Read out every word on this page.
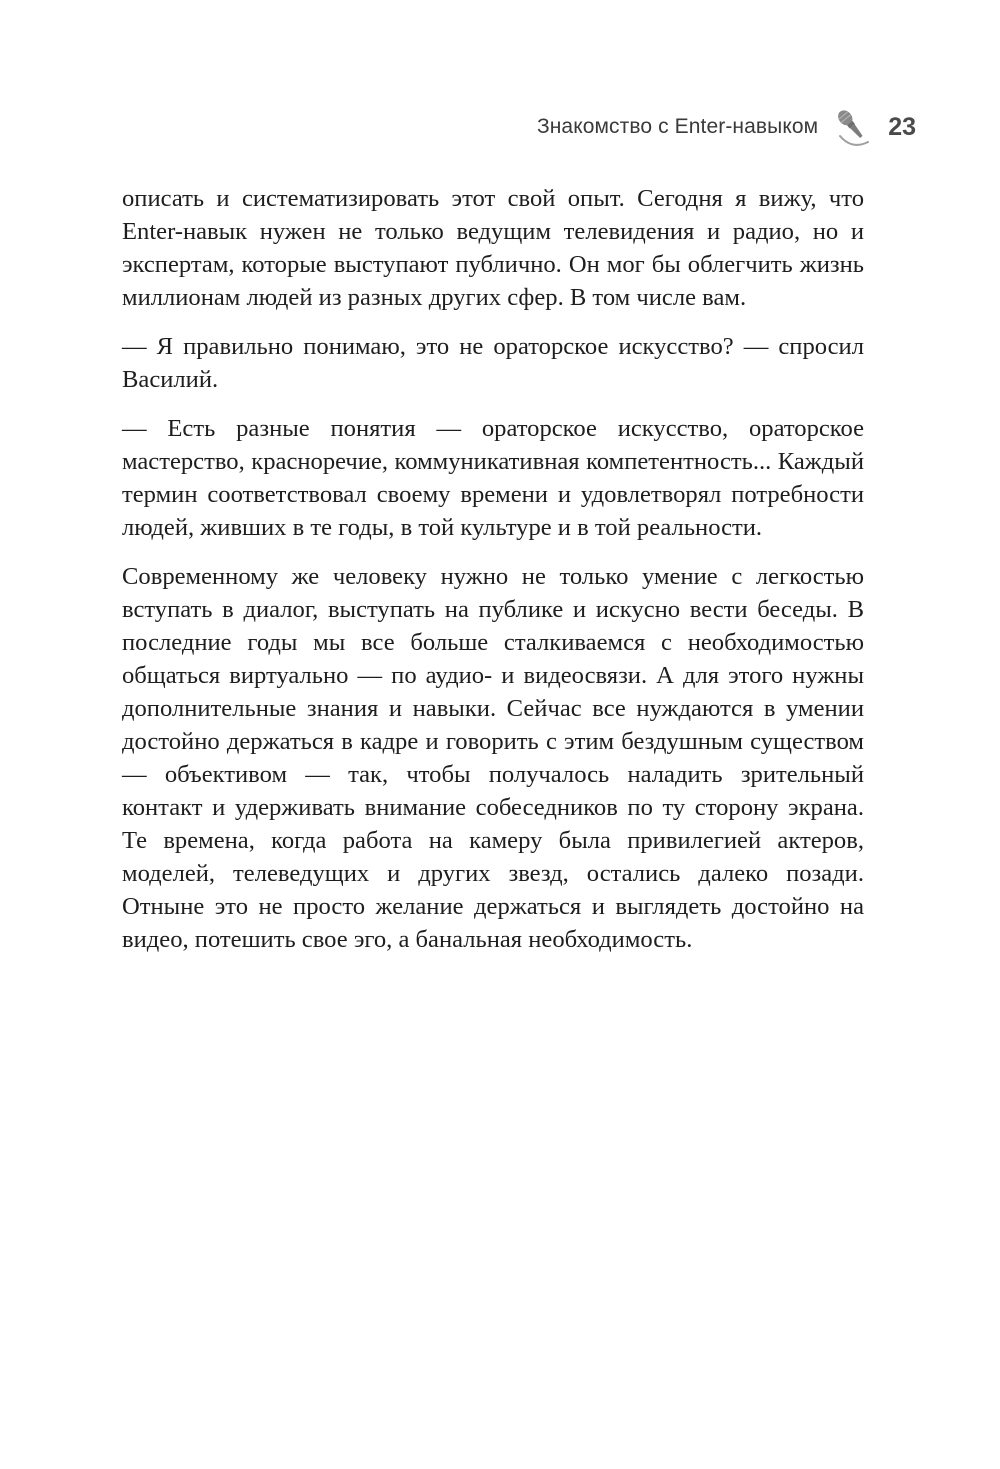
Знакомство с Enter-навыком	23

описать и систематизировать этот свой опыт. Сегодня я вижу, что Enter-навык нужен не только ведущим телевидения и радио, но и экспертам, которые выступают публично. Он мог бы облегчить жизнь миллионам людей из разных других сфер. В том числе вам.

— Я правильно понимаю, это не ораторское искусство? — спросил Василий.

— Есть разные понятия — ораторское искусство, ораторское мастерство, красноречие, коммуникативная компетентность... Каждый термин соответствовал своему времени и удовлетворял потребности людей, живших в те годы, в той культуре и в той реальности.

Современному же человеку нужно не только умение с легкостью вступать в диалог, выступать на публике и искусно вести беседы. В последние годы мы все больше сталкиваемся с необходимостью общаться виртуально — по аудио- и видеосвязи. А для этого нужны дополнительные знания и навыки. Сейчас все нуждаются в умении достойно держаться в кадре и говорить с этим бездушным существом — объективом — так, чтобы получалось наладить зрительный контакт и удерживать внимание собеседников по ту сторону экрана. Те времена, когда работа на камеру была привилегией актеров, моделей, телеведущих и других звезд, остались далеко позади. Отныне это не просто желание держаться и выглядеть достойно на видео, потешить свое эго, а банальная необходимость.
